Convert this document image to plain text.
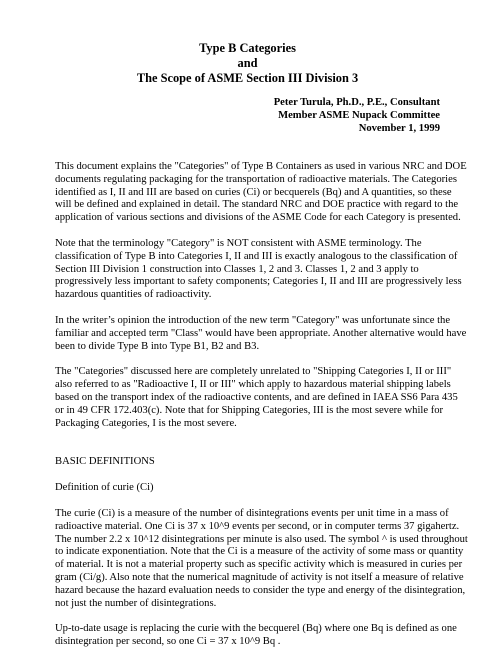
Type B Categories
and
The Scope of ASME Section III Division 3
Peter Turula, Ph.D., P.E., Consultant
Member ASME Nupack Committee
November 1, 1999

This document explains the "Categories" of Type B Containers as used in various NRC and DOE
documents regulating packaging for the transportation of radioactive materials. The Categories
identified as I, II and III are based on curies (Ci) or becquerels (Bq) and A quantities, so these
will be defined and explained in detail. The standard NRC and DOE practice with regard to the
application of various sections and divisions of the ASME Code for each Category is presented.

Note that the terminology "Category" is NOT consistent with ASME terminology. The
classification of Type B into Categories I, II and III is exactly analogous to the classification of
Section III Division 1 construction into Classes 1, 2 and 3. Classes 1, 2 and 3 apply to
progressively less important to safety components; Categories I, II and III are progressively less
hazardous quantities of radioactivity.

In the writer’s opinion the introduction of the new term "Category" was unfortunate since the
familiar and accepted term "Class" would have been appropriate. Another alternative would have
been to divide Type B into Type B1, B2 and B3.

The "Categories" discussed here are completely unrelated to "Shipping Categories I, II or III"
also referred to as "Radioactive I, II or III" which apply to hazardous material shipping labels
based on the transport index of the radioactive contents, and are defined in IAEA SS6 Para 435
or in 49 CFR 172.403(c). Note that for Shipping Categories, III is the most severe while for
Packaging Categories, I is the most severe.

BASIC DEFINITIONS
Definition of curie (Ci)

The curie (Ci) is a measure of the number of disintegrations events per unit time in a mass of
radioactive material. One Ci is 37 x 10^9 events per second, or in computer terms 37 gigahertz.
The number 2.2 x 10^12 disintegrations per minute is also used. The symbol ^ is used throughout
to indicate exponentiation. Note that the Ci is a measure of the activity of some mass or quantity
of material. It is not a material property such as specific activity which is measured in curies per
gram (Ci/g). Also note that the numerical magnitude of activity is not itself a measure of relative
hazard because the hazard evaluation needs to consider the type and energy of the disintegration,
not just the number of disintegrations.

Up-to-date usage is replacing the curie with the becquerel (Bq) where one Bq is defined as one
disintegration per second, so one Ci = 37 x 10^9 Bq .
